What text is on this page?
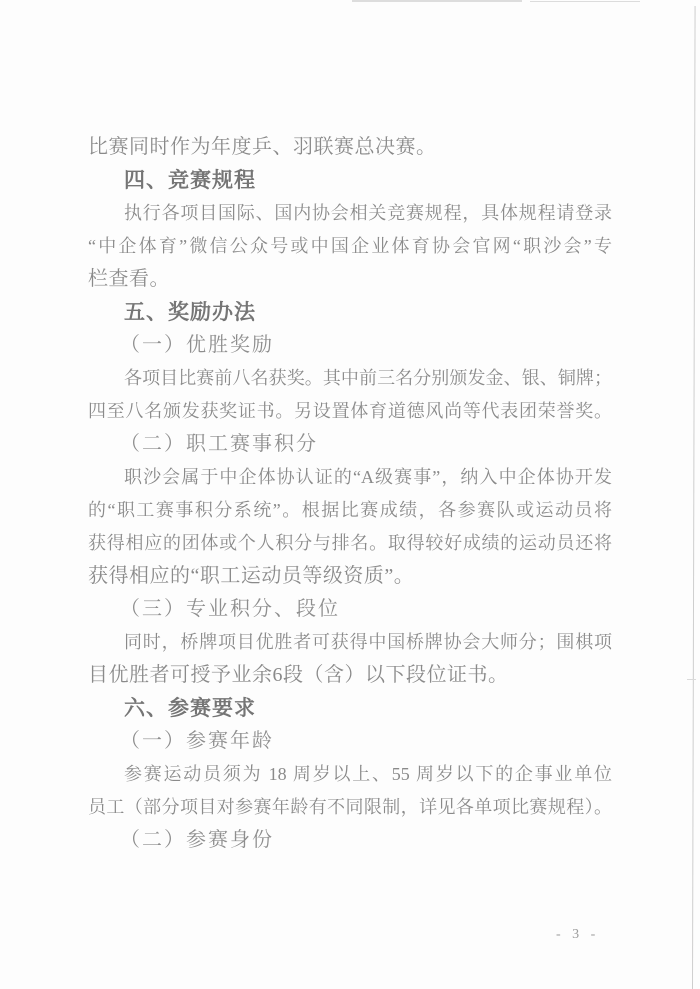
比赛同时作为年度乒、羽联赛总决赛。
四、竞赛规程
执行各项目国际、国内协会相关竞赛规程，具体规程请登录
“中企体育”微信公众号或中国企业体育协会官网“职沙会”专
栏查看。
五、奖励办法
（一）优胜奖励
各项目比赛前八名获奖。其中前三名分别颁发金、银、铜牌；
四至八名颁发获奖证书。另设置体育道德风尚等代表团荣誉奖。
（二）职工赛事积分
职沙会属于中企体协认证的“A级赛事”，纳入中企体协开发
的“职工赛事积分系统”。根据比赛成绩，各参赛队或运动员将
获得相应的团体或个人积分与排名。取得较好成绩的运动员还将
获得相应的“职工运动员等级资质”。
（三）专业积分、段位
同时，桥牌项目优胜者可获得中国桥牌协会大师分；围棋项
目优胜者可授予业余6段（含）以下段位证书。
六、参赛要求
（一）参赛年龄
参赛运动员须为 18 周岁以上、55 周岁以下的企事业单位
员工（部分项目对参赛年龄有不同限制，详见各单项比赛规程）。
（二）参赛身份
- 3 -
